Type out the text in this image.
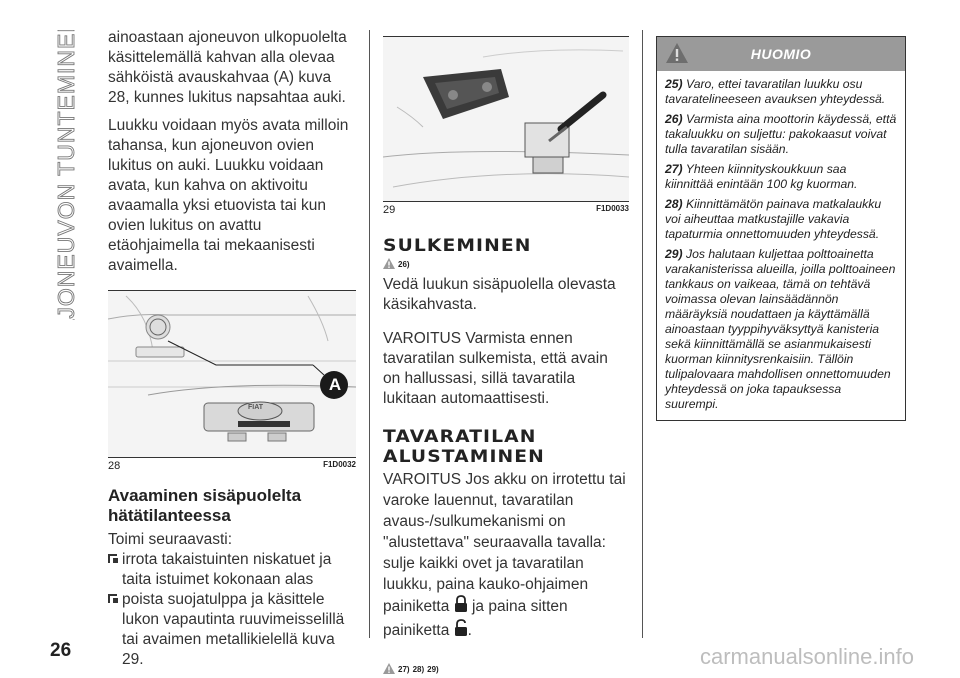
AJONEUVON TUNTEMINEN ainoastaan ajoneuvon ulkopuolelta käsittelemällä kahvan alla olevaa sähköistä avauskahvaa (A) kuva 28, kunnes lukitus napsahtaa auki.

Luukku voidaan myös avata milloin tahansa, kun ajoneuvon ovien lukitus on auki. Luukku voidaan avata, kun kahva on aktivoitu avaamalla yksi etuovista tai kun ovien lukitus on avattu etäohjaimella tai mekaanisesti avaimella.

FIAT
A
28	F1D0032
Avaaminen sisäpuolelta hätätilanteessa

Toimi seuraavasti:

irrota takaistuinten niskatuet ja taita istuimet kokonaan alas
poista suojatulppa ja käsittele lukon vapautinta ruuvimeisselillä tai avaimen metallikielellä kuva 29.
29	F1D0033
SULKEMINEN
26)

Vedä luukun sisäpuolella olevasta käsikahvasta.

VAROITUS Varmista ennen tavaratilan sulkemista, että avain on hallussasi, sillä tavaratila lukitaan automaattisesti.

TAVARATILAN
ALUSTAMINEN

VAROITUS Jos akku on irrotettu tai varoke lauennut, tavaratilan avaus-/sulkumekanismi on "alustettava" seuraavalla tavalla: sulje kaikki ovet ja tavaratilan luukku, paina kauko-ohjaimen painiketta ja paina sitten painiketta .

27) 28) 29)
HUOMIO

25) Varo, ettei tavaratilan luukku osu tavaratelineeseen avauksen yhteydessä.

26) Varmista aina moottorin käydessä, että takaluukku on suljettu: pakokaasut voivat tulla tavaratilan sisään.

27) Yhteen kiinnityskoukkuun saa kiinnittää enintään 100 kg kuorman.

28) Kiinnittämätön painava matkalaukku voi aiheuttaa matkustajille vakavia tapaturmia onnettomuuden yhteydessä.

29) Jos halutaan kuljettaa polttoainetta varakanisterissa alueilla, joilla polttoaineen tankkaus on vaikeaa, tämä on tehtävä voimassa olevan lainsäädännön määräyksiä noudattaen ja käyttämällä ainoastaan tyyppihyväksyttyä kanisteria sekä kiinnittämällä se asianmukaisesti kuorman kiinnitysrenkaisiin. Tällöin tulipalovaara mahdollisen onnettomuuden yhteydessä on joka tapauksessa suurempi.

26	carmanualsonline.info
